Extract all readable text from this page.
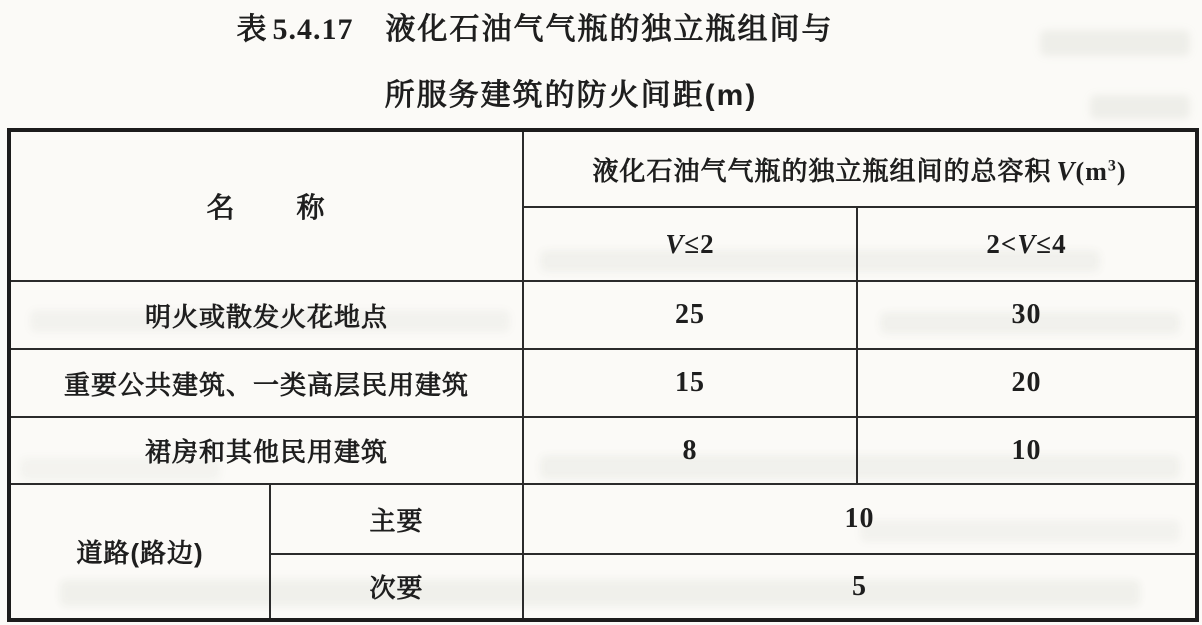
表 5.4.17 液化石油气气瓶的独立瓶组间与
所服务建筑的防火间距(m)
名　　称		液化石油气气瓶的独立瓶组间的总容积 $V(m^3)$	
		V≤2	2<V≤4
明火或散发火花地点		25	30
重要公共建筑、一类高层民用建筑		15	20
裙房和其他民用建筑		8	10
道路(路边)	主要	10	
	次要	5	
